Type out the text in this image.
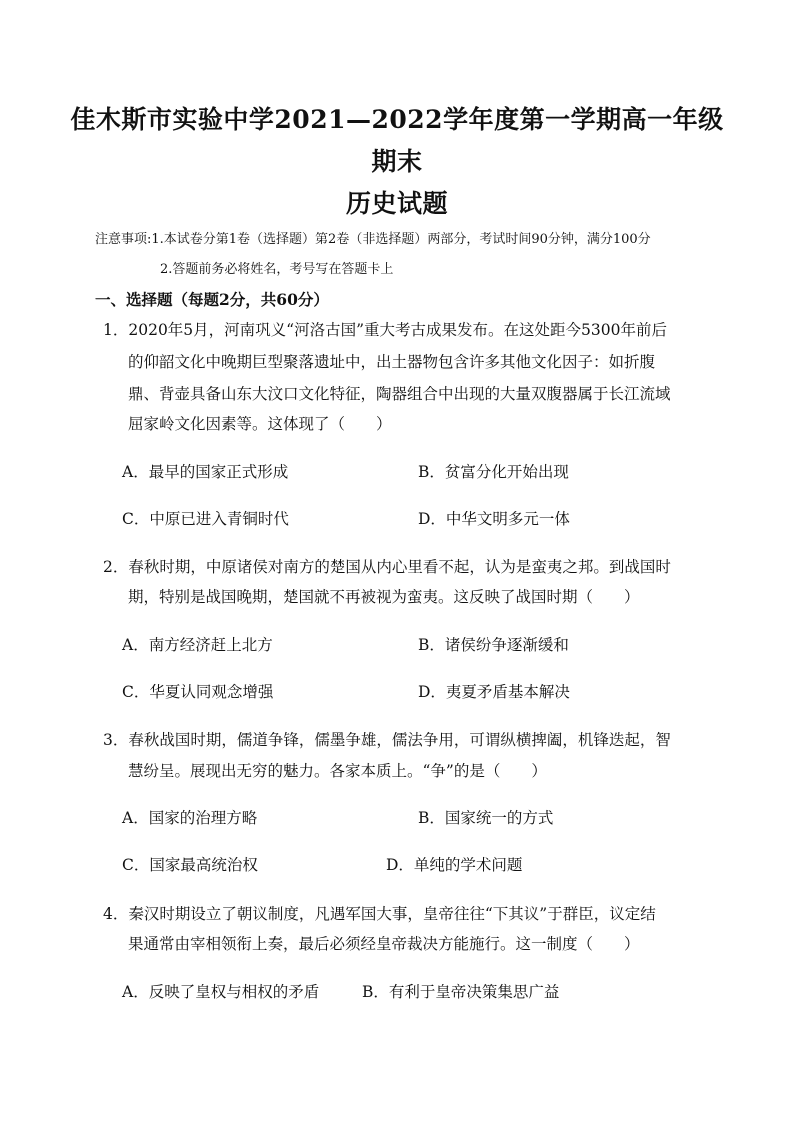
佳木斯市实验中学2021—2022学年度第一学期高一年级
期末
历史试题
注意事项:1.本试卷分第1卷（选择题）第2卷（非选择题）两部分，考试时间90分钟，满分100分
2.答题前务必将姓名，考号写在答题卡上
一、选择题（每题2分，共60分）
1．2020年5月，河南巩义“河洛古国”重大考古成果发布。在这处距今5300年前后
的仰韶文化中晚期巨型聚落遗址中，出土器物包含许多其他文化因子：如折腹
鼎、背壶具备山东大汶口文化特征，陶器组合中出现的大量双腹器属于长江流域
屈家岭文化因素等。这体现了（　　）
A．最早的国家正式形成	B．贫富分化开始出现
C．中原已进入青铜时代	D．中华文明多元一体
2．春秋时期，中原诸侯对南方的楚国从内心里看不起，认为是蛮夷之邦。到战国时
期，特别是战国晚期，楚国就不再被视为蛮夷。这反映了战国时期（　　）
A．南方经济赶上北方	B．诸侯纷争逐渐缓和
C．华夏认同观念增强	D．夷夏矛盾基本解决
3．春秋战国时期，儒道争锋，儒墨争雄，儒法争用，可谓纵横捭阖，机锋迭起，智
慧纷呈。展现出无穷的魅力。各家本质上。“争”的是（　　）
A．国家的治理方略	B．国家统一的方式
C．国家最高统治权	D．单纯的学术问题
4．秦汉时期设立了朝议制度，凡遇军国大事，皇帝往往“下其议”于群臣，议定结
果通常由宰相领衔上奏，最后必须经皇帝裁决方能施行。这一制度（　　）
A．反映了皇权与相权的矛盾	B．有利于皇帝决策集思广益
